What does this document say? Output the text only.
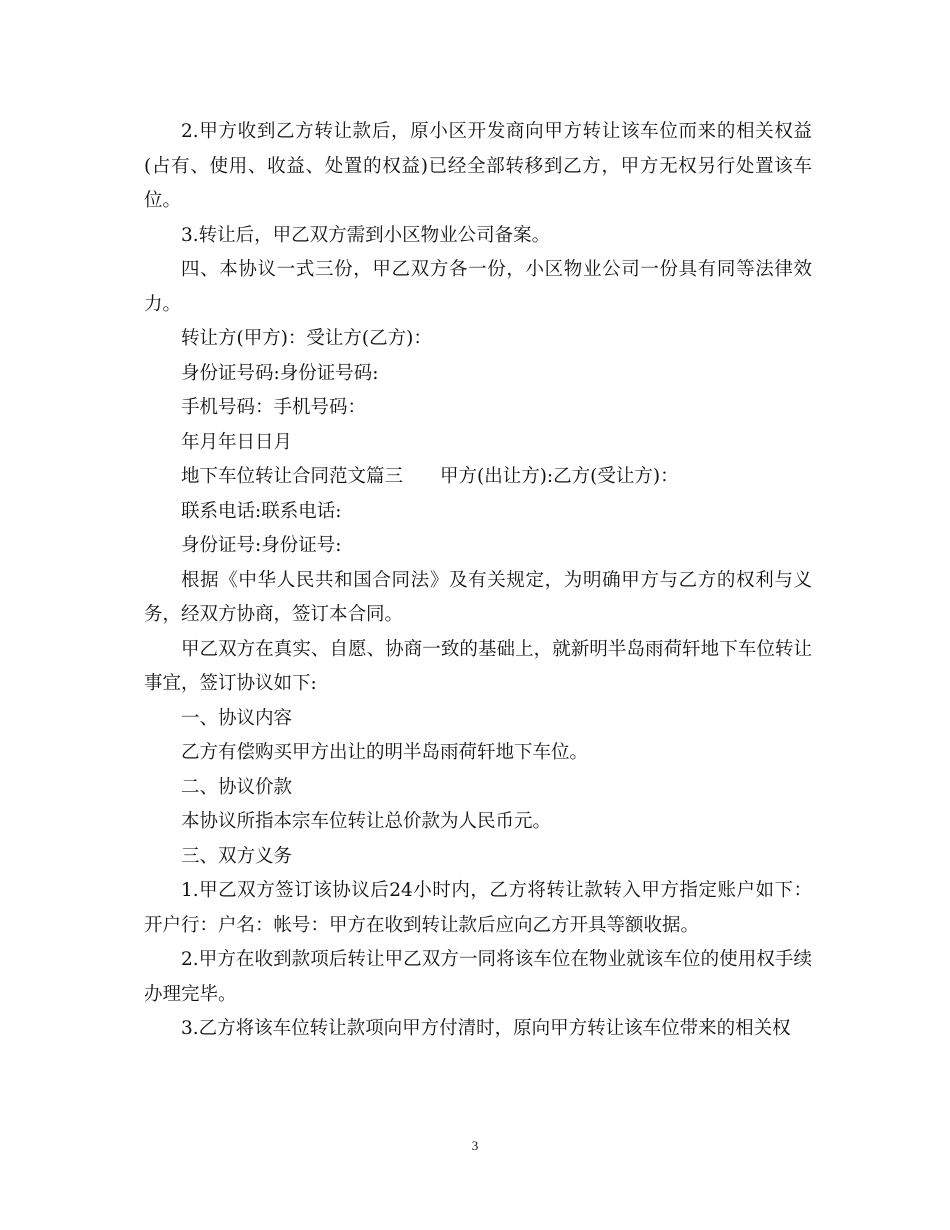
2.甲方收到乙方转让款后，原小区开发商向甲方转让该车位而来的相关权益(占有、使用、收益、处置的权益)已经全部转移到乙方，甲方无权另行处置该车位。

3.转让后，甲乙双方需到小区物业公司备案。

四、本协议一式三份，甲乙双方各一份，小区物业公司一份具有同等法律效力。

转让方(甲方)：受让方(乙方)：

身份证号码:身份证号码:

手机号码：手机号码：

年月年日日月

地下车位转让合同范文篇三　　甲方(出让方):乙方(受让方)：

联系电话:联系电话:

身份证号:身份证号:

根据《中华人民共和国合同法》及有关规定，为明确甲方与乙方的权利与义务，经双方协商，签订本合同。

甲乙双方在真实、自愿、协商一致的基础上，就新明半岛雨荷轩地下车位转让事宜，签订协议如下:

一、协议内容

乙方有偿购买甲方出让的明半岛雨荷轩地下车位。

二、协议价款

本协议所指本宗车位转让总价款为人民币元。

三、双方义务

1.甲乙双方签订该协议后24小时内，乙方将转让款转入甲方指定账户如下：开户行：户名：帐号：甲方在收到转让款后应向乙方开具等额收据。

2.甲方在收到款项后转让甲乙双方一同将该车位在物业就该车位的使用权手续办理完毕。

3.乙方将该车位转让款项向甲方付清时，原向甲方转让该车位带来的相关权

3
